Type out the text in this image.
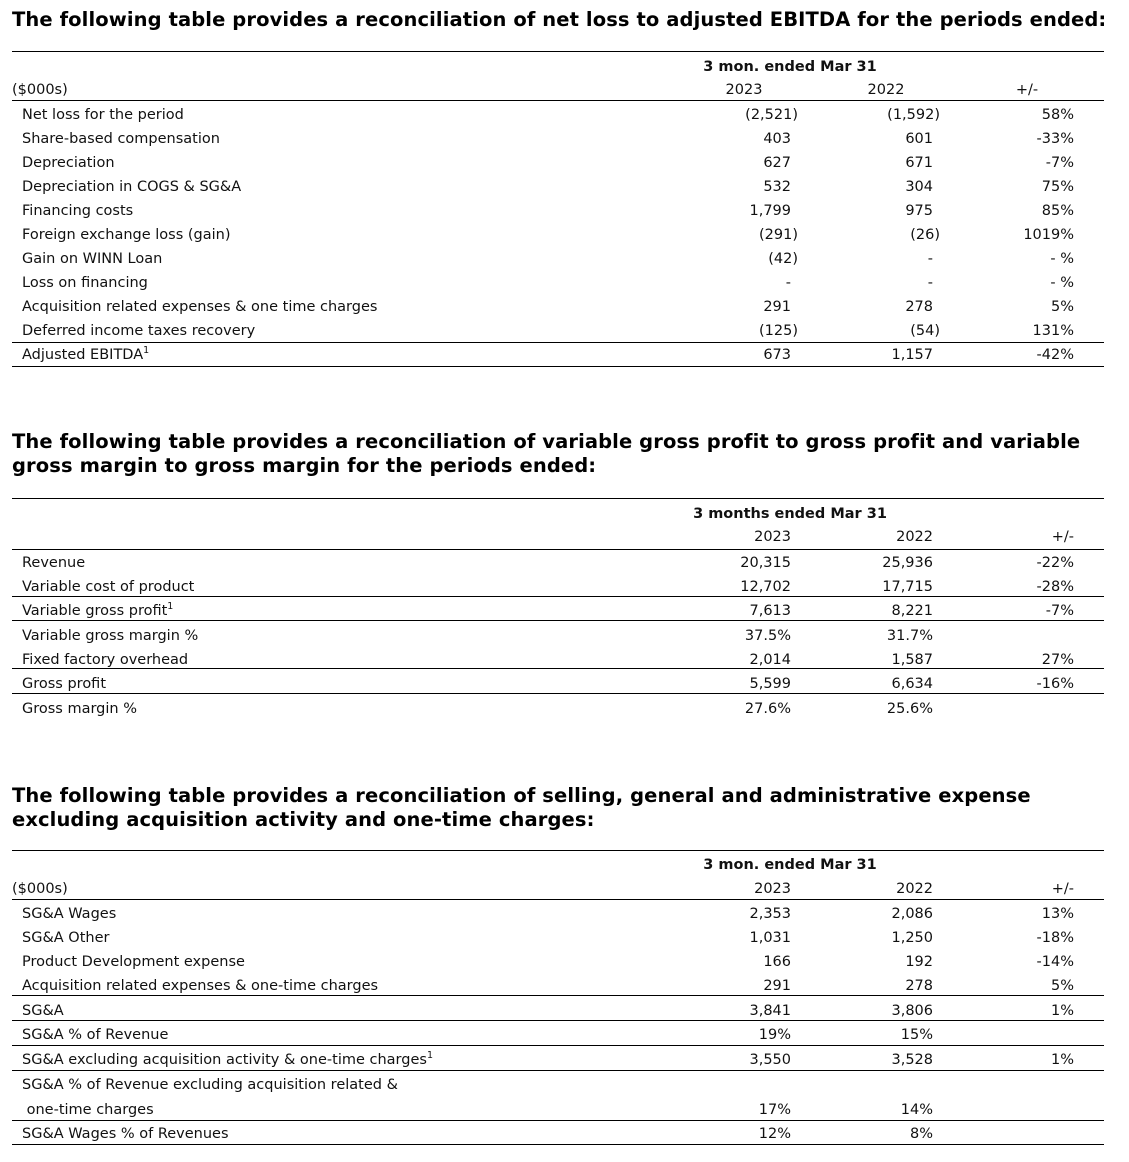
The following table provides a reconciliation of net loss to adjusted EBITDA for the periods ended:
3 mon. ended Mar 31
($000s)	2023	2022	+/-
Net loss for the period	(2,521)	(1,592)	58%
Share-based compensation	403	601	-33%
Depreciation	627	671	-7%
Depreciation in COGS & SG&A	532	304	75%
Financing costs	1,799	975	85%
Foreign exchange loss (gain)	(291)	(26)	1019%
Gain on WINN Loan	(42)	-	- %
Loss on financing	-	-	- %
Acquisition related expenses & one time charges	291	278	5%
Deferred income taxes recovery	(125)	(54)	131%
Adjusted EBITDA$^1$	673	1,157	-42%
The following table provides a reconciliation of variable gross profit to gross profit and variable
gross margin to gross margin for the periods ended:
3 months ended Mar 31
2023	2022	+/-
Revenue	20,315	25,936	-22%
Variable cost of product	12,702	17,715	-28%
Variable gross profit$^1$	7,613	8,221	-7%
Variable gross margin %	37.5%	31.7%
Fixed factory overhead	2,014	1,587	27%
Gross profit	5,599	6,634	-16%
Gross margin %	27.6%	25.6%
The following table provides a reconciliation of selling, general and administrative expense
excluding acquisition activity and one-time charges:
3 mon. ended Mar 31
($000s)	2023	2022	+/-
SG&A Wages	2,353	2,086	13%
SG&A Other	1,031	1,250	-18%
Product Development expense	166	192	-14%
Acquisition related expenses & one-time charges	291	278	5%
SG&A	3,841	3,806	1%
SG&A % of Revenue	19%	15%
SG&A excluding acquisition activity & one-time charges$^1$	3,550	3,528	1%
SG&A % of Revenue excluding acquisition related &
one-time charges	17%	14%
SG&A Wages % of Revenues	12%	8%
